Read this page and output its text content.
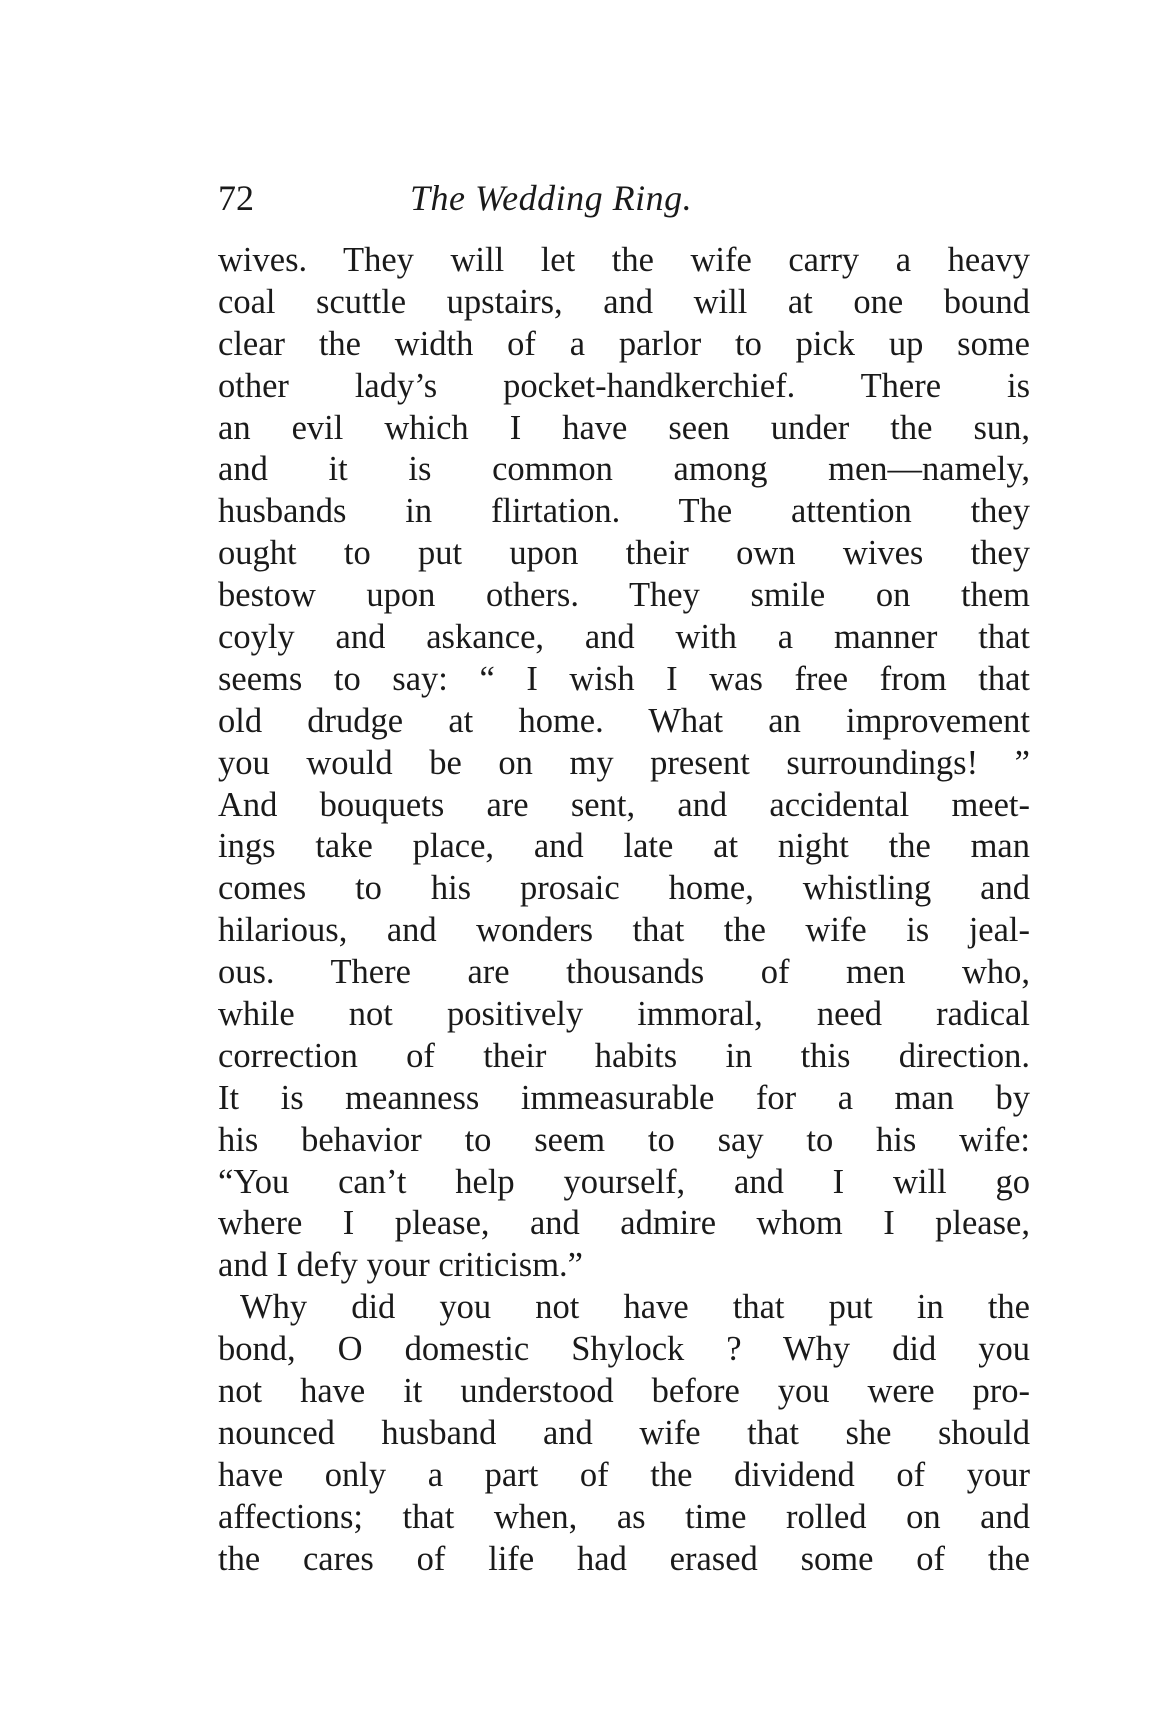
72	The Wedding Ring.
wives. They will let the wife carry a heavy
coal scuttle upstairs, and will at one bound
clear the width of a parlor to pick up some
other lady’s pocket-handkerchief. There is
an evil which I have seen under the sun,
and it is common among men—namely,
husbands in flirtation. The attention they
ought to put upon their own wives they
bestow upon others. They smile on them
coyly and askance, and with a manner that
seems to say: “ I wish I was free from that
old drudge at home. What an improvement
you would be on my present surroundings! ”
And bouquets are sent, and accidental meet-
ings take place, and late at night the man
comes to his prosaic home, whistling and
hilarious, and wonders that the wife is jeal-
ous. There are thousands of men who,
while not positively immoral, need radical
correction of their habits in this direction.
It is meanness immeasurable for a man by
his behavior to seem to say to his wife:
“You can’t help yourself, and I will go
where I please, and admire whom I please,
and I defy your criticism.”
Why did you not have that put in the
bond, O domestic Shylock ? Why did you
not have it understood before you were pro-
nounced husband and wife that she should
have only a part of the dividend of your
affections; that when, as time rolled on and
the cares of life had erased some of the
